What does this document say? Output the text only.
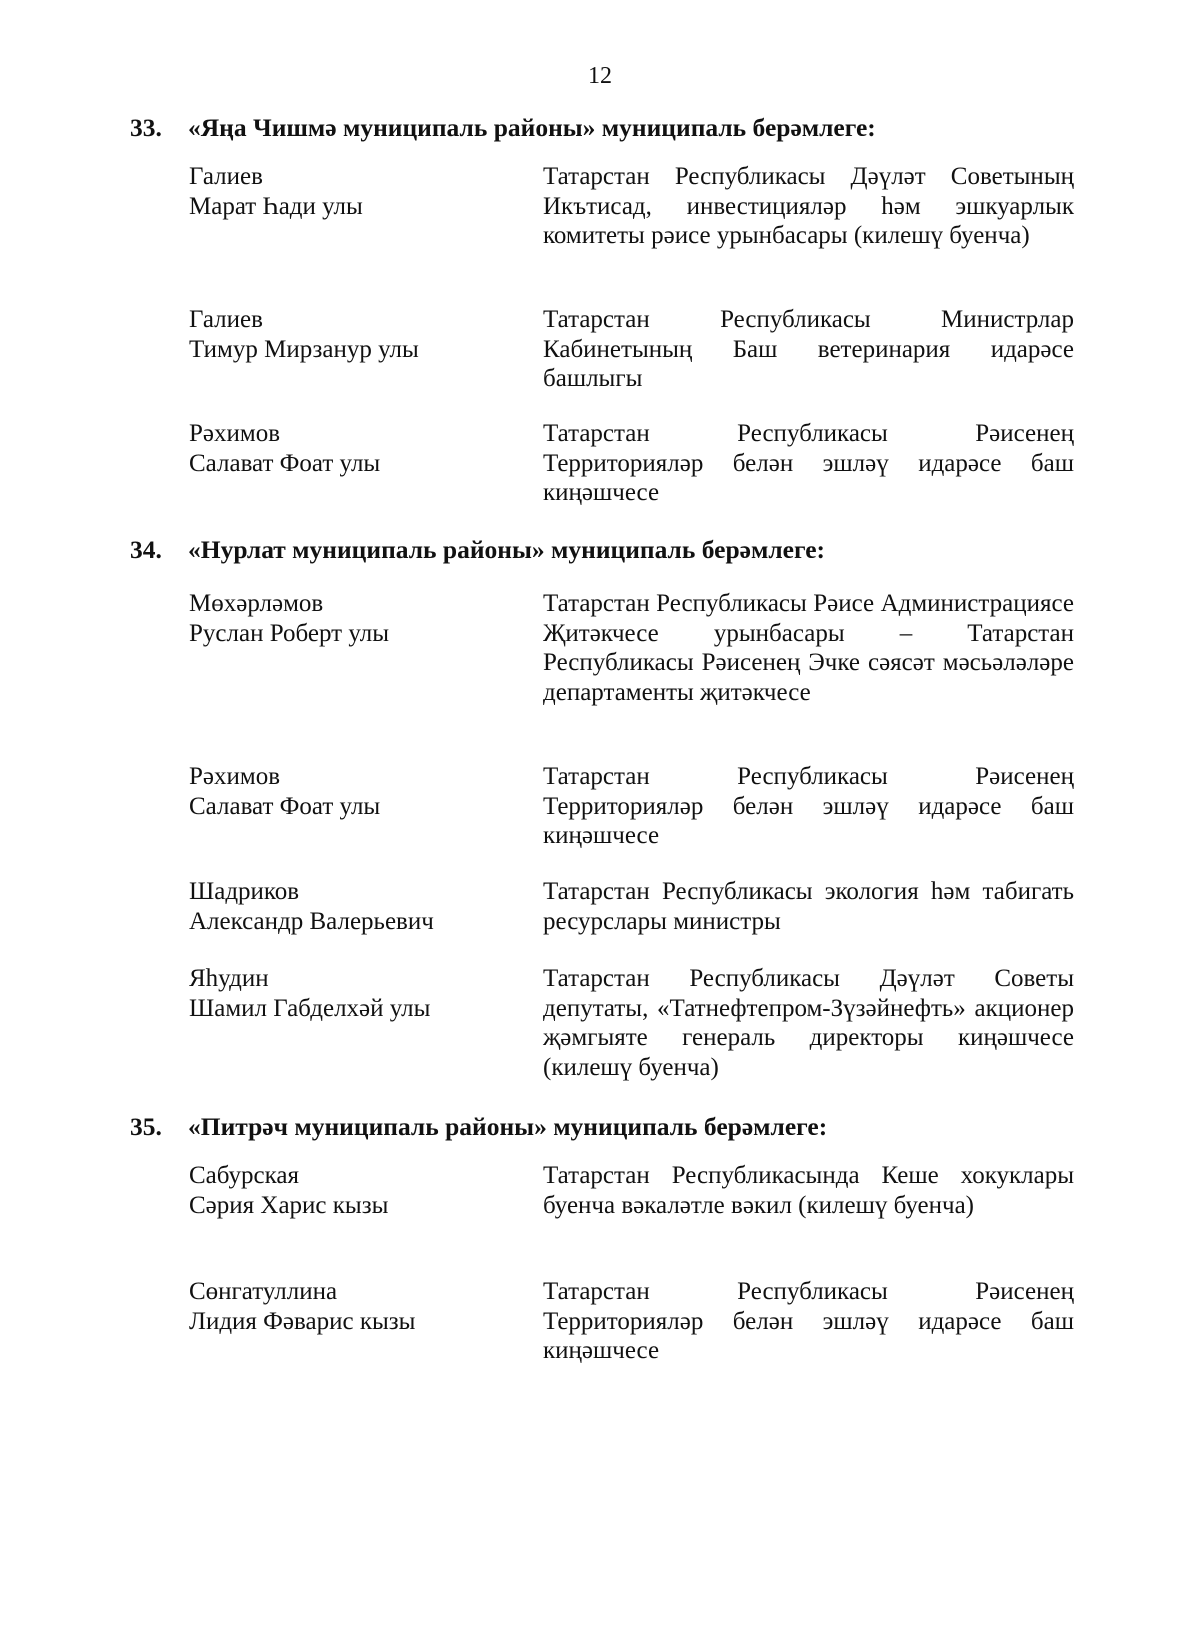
12
33. «Яңа Чишмә муниципаль районы» муниципаль берәмлеге:
Галиев
Марат Һади улы
Татарстан Республикасы Дәүләт Советының Икътисад, инвестицияләр һәм эшкуарлык комитеты рәисе урынбасары (килешү буенча)
Галиев
Тимур Мирзанур улы
Татарстан Республикасы Министрлар Кабинетының Баш ветеринария идарәсе башлыгы
Рәхимов
Салават Фоат улы
Татарстан Республикасы Рәисенең Территорияләр белән эшләү идарәсе баш киңәшчесе
34. «Нурлат муниципаль районы» муниципаль берәмлеге:
Мөхәрләмов
Руслан Роберт улы
Татарстан Республикасы Рәисе Администрациясе Җитәкчесе урынбасары – Татарстан Республикасы Рәисенең Эчке сәясәт мәсьәләләре департаменты җитәкчесе
Рәхимов
Салават Фоат улы
Татарстан Республикасы Рәисенең Территорияләр белән эшләү идарәсе баш киңәшчесе
Шадриков
Александр Валерьевич
Татарстан Республикасы экология һәм табигать ресурслары министры
Яһудин
Шамил Габделхәй улы
Татарстан Республикасы Дәүләт Советы депутаты, «Татнефтепром-Зүзәйнефть» акционер җәмгыяте генераль директоры киңәшчесе (килешү буенча)
35. «Питрәч муниципаль районы» муниципаль берәмлеге:
Сабурская
Сәрия Харис кызы
Татарстан Республикасында Кеше хокуклары буенча вәкаләтле вәкил (килешү буенча)
Сөнгатуллина
Лидия Фәварис кызы
Татарстан Республикасы Рәисенең Территорияләр белән эшләү идарәсе баш киңәшчесе
